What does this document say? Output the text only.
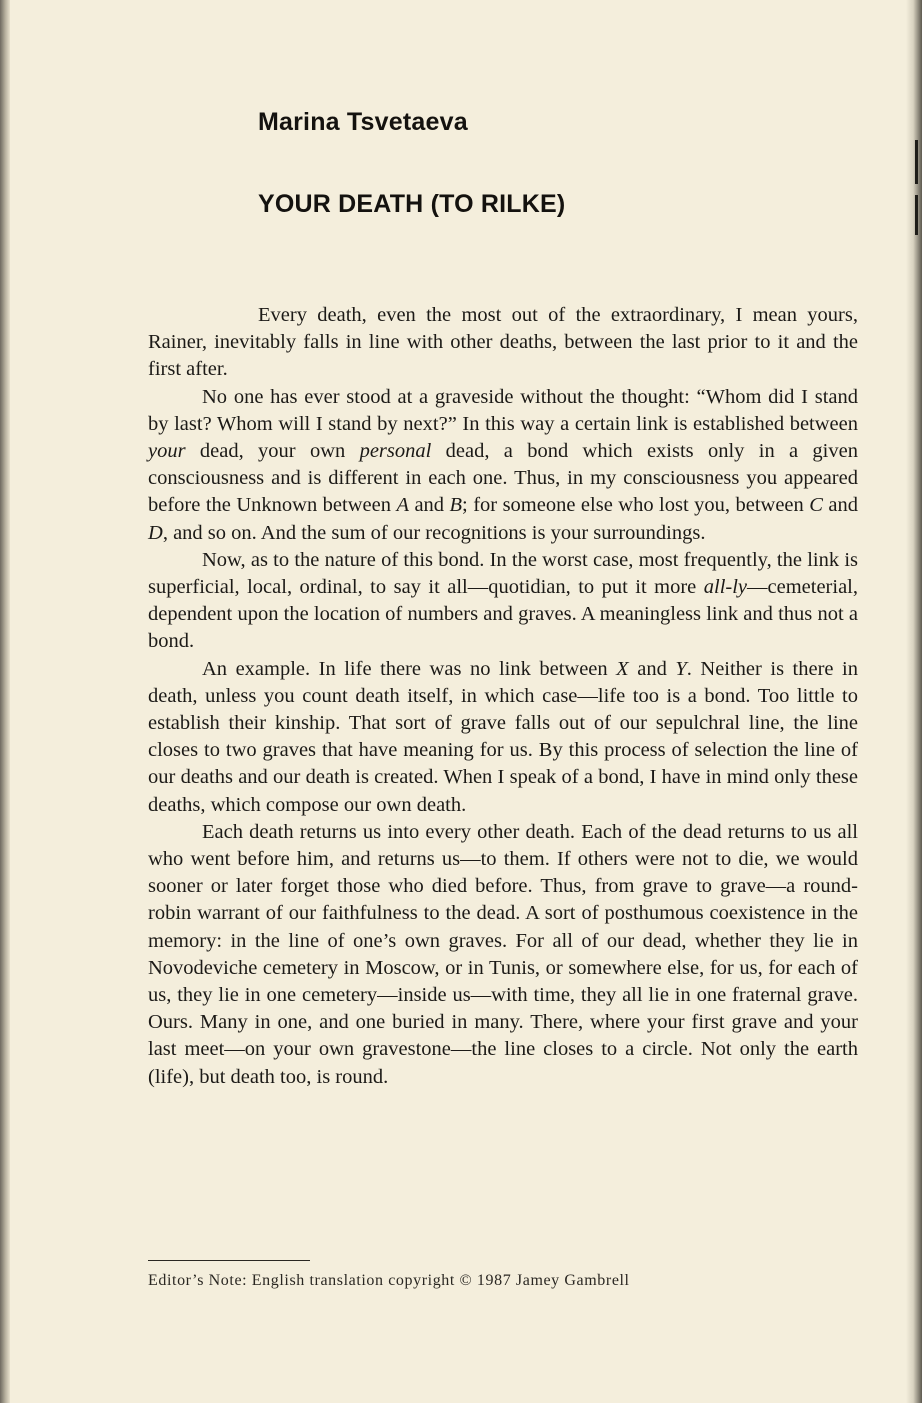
Marina Tsvetaeva
YOUR DEATH (TO RILKE)

Every death, even the most out of the extraordinary, I mean yours, Rainer, inevitably falls in line with other deaths, between the last prior to it and the first after.

No one has ever stood at a graveside without the thought: “Whom did I stand by last? Whom will I stand by next?” In this way a certain link is established between your dead, your own personal dead, a bond which exists only in a given consciousness and is different in each one. Thus, in my consciousness you appeared before the Unknown between A and B; for someone else who lost you, between C and D, and so on. And the sum of our recognitions is your surroundings.

Now, as to the nature of this bond. In the worst case, most frequently, the link is superficial, local, ordinal, to say it all—quotidian, to put it more all-ly—cemeterial, dependent upon the location of numbers and graves. A meaningless link and thus not a bond.

An example. In life there was no link between X and Y. Neither is there in death, unless you count death itself, in which case—life too is a bond. Too little to establish their kinship. That sort of grave falls out of our sepulchral line, the line closes to two graves that have meaning for us. By this process of selection the line of our deaths and our death is created. When I speak of a bond, I have in mind only these deaths, which compose our own death.

Each death returns us into every other death. Each of the dead returns to us all who went before him, and returns us—to them. If others were not to die, we would sooner or later forget those who died before. Thus, from grave to grave—a round-robin warrant of our faithfulness to the dead. A sort of posthumous coexistence in the memory: in the line of one’s own graves. For all of our dead, whether they lie in Novodeviche cemetery in Moscow, or in Tunis, or somewhere else, for us, for each of us, they lie in one cemetery—inside us—with time, they all lie in one fraternal grave. Ours. Many in one, and one buried in many. There, where your first grave and your last meet—on your own gravestone—the line closes to a circle. Not only the earth (life), but death too, is round.

Editor’s Note: English translation copyright © 1987 Jamey Gambrell
